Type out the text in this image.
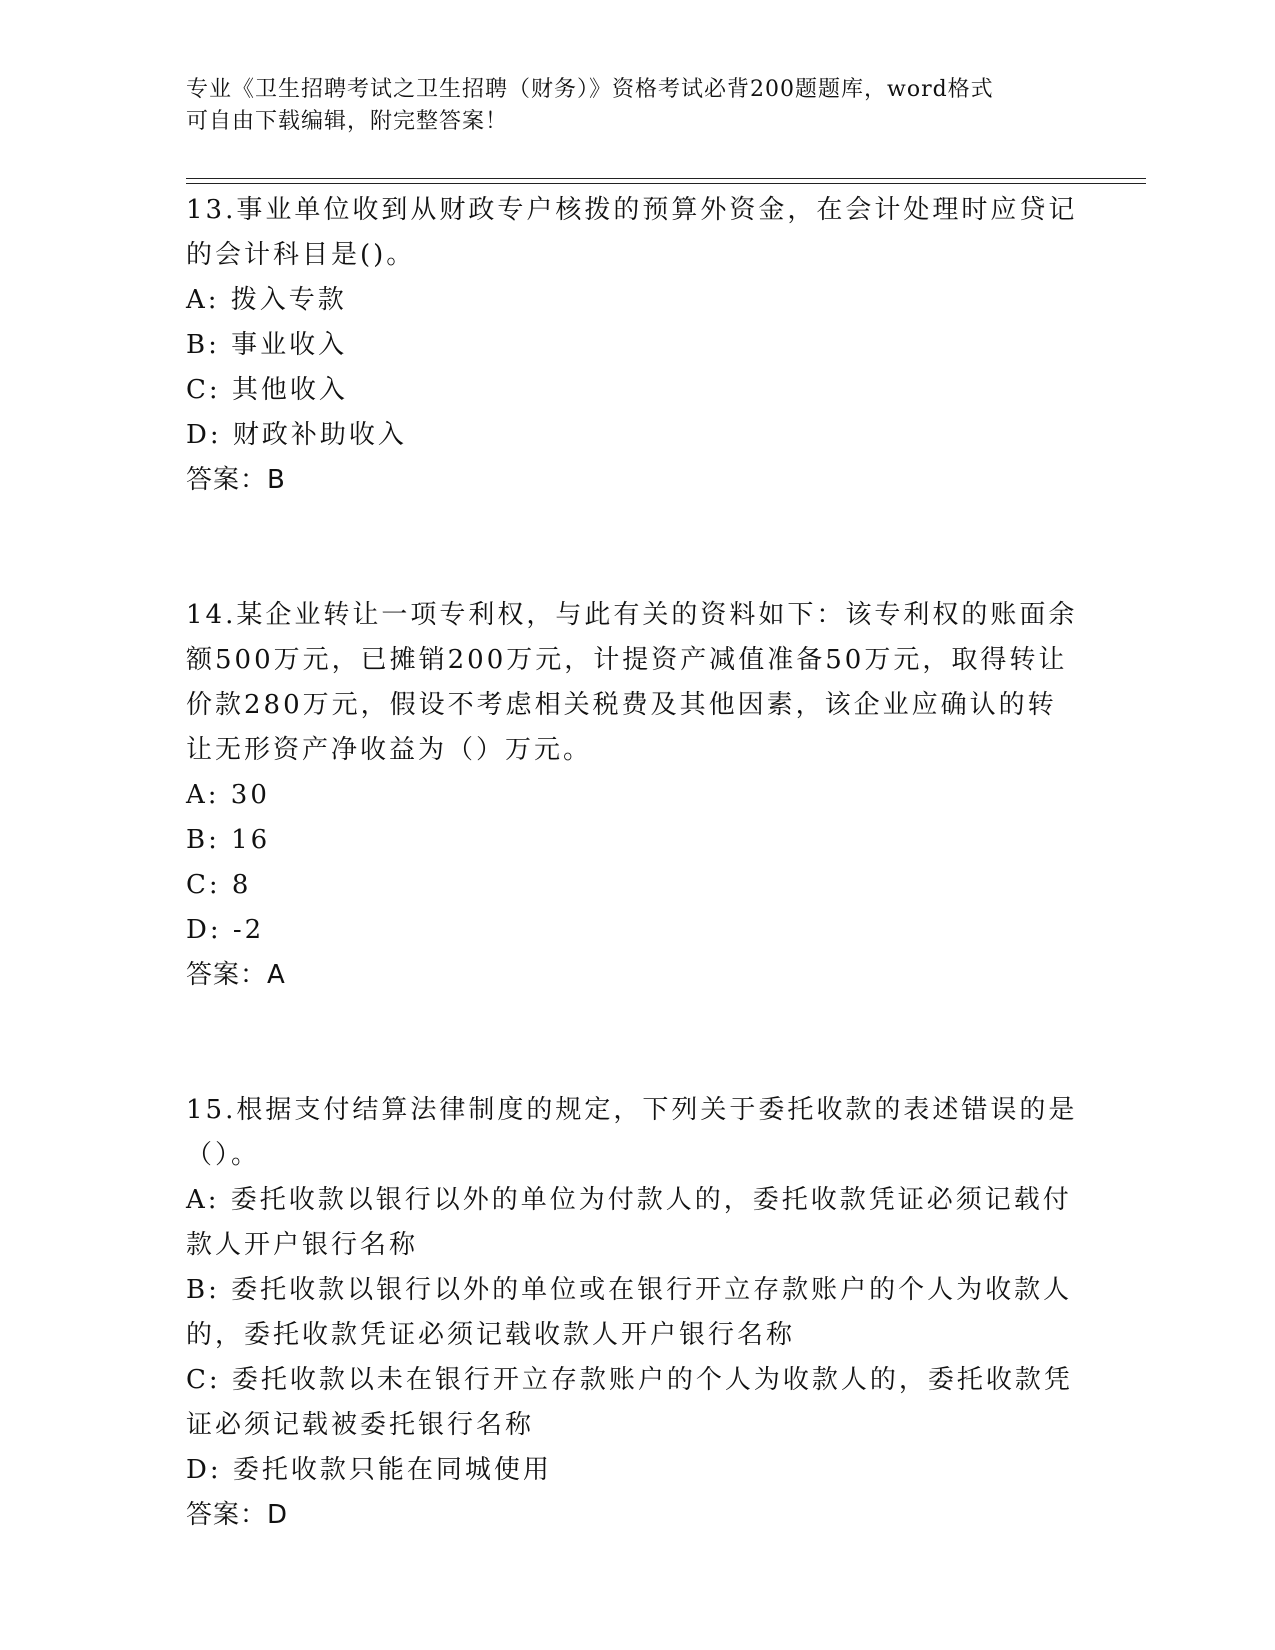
专业《卫生招聘考试之卫生招聘（财务）》资格考试必背200题题库，word格式
可自由下载编辑，附完整答案！
13.事业单位收到从财政专户核拨的预算外资金，在会计处理时应贷记
的会计科目是()。
A: 拨入专款
B: 事业收入
C: 其他收入
D: 财政补助收入
答案：B
14.某企业转让一项专利权，与此有关的资料如下：该专利权的账面余
额500万元，已摊销200万元，计提资产减值准备50万元，取得转让
价款280万元，假设不考虑相关税费及其他因素，该企业应确认的转
让无形资产净收益为（）万元。
A: 30
B: 16
C: 8
D: -2
答案：A
15.根据支付结算法律制度的规定，下列关于委托收款的表述错误的是
（）。
A: 委托收款以银行以外的单位为付款人的，委托收款凭证必须记载付
款人开户银行名称
B: 委托收款以银行以外的单位或在银行开立存款账户的个人为收款人
的，委托收款凭证必须记载收款人开户银行名称
C: 委托收款以未在银行开立存款账户的个人为收款人的，委托收款凭
证必须记载被委托银行名称
D: 委托收款只能在同城使用
答案：D
